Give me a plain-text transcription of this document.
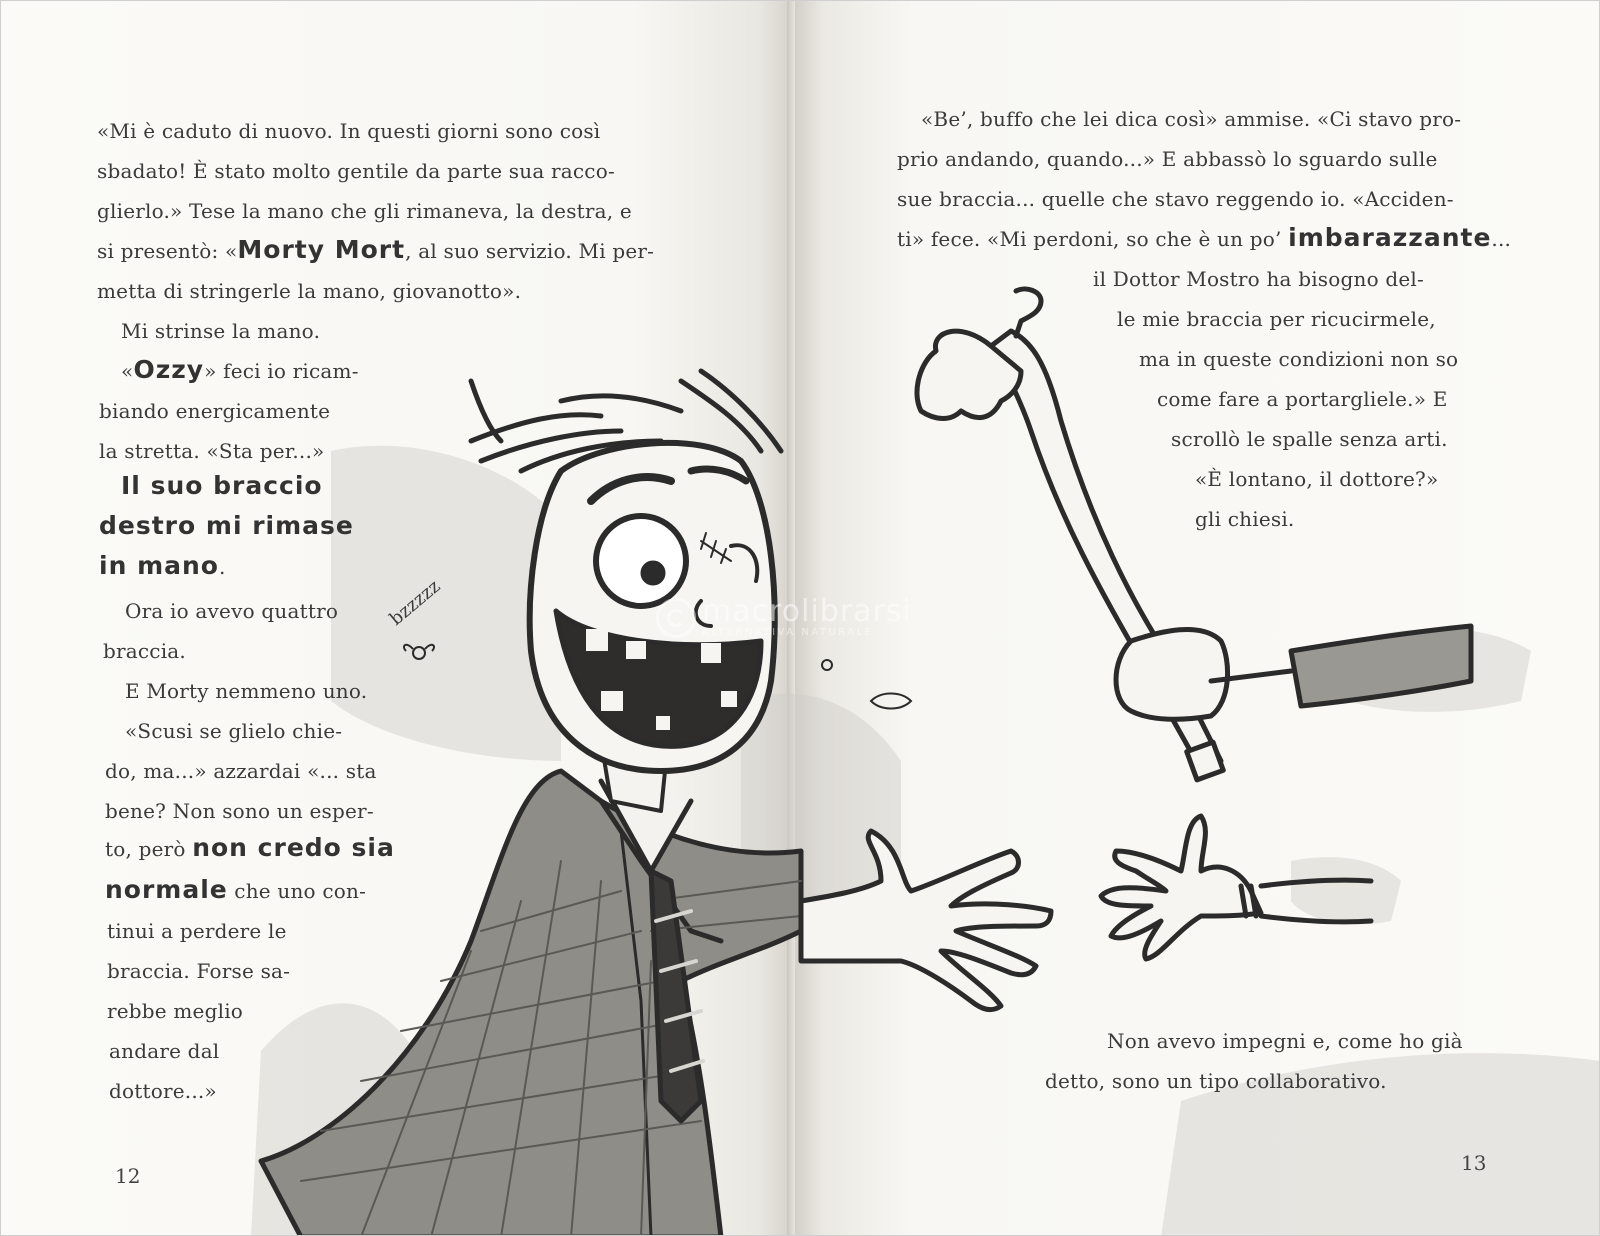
bzzzzz
«Mi è caduto di nuovo. In questi giorni sono così
sbadato! È stato molto gentile da parte sua racco-
glierlo.» Tese la mano che gli rimaneva, la destra, e
si presentò: «Morty Mort, al suo servizio. Mi per-
metta di stringerle la mano, giovanotto».
Mi strinse la mano.
«Ozzy» feci io ricam-
biando energicamente
la stretta. «Sta per...»
Il suo braccio
destro mi rimase
in mano.
Ora io avevo quattro
braccia.
E Morty nemmeno uno.
«Scusi se glielo chie-
do, ma...» azzardai «... sta
bene? Non sono un esper-
to, però non credo sia
normale che uno con-
tinui a perdere le
braccia. Forse sa-
rebbe meglio
andare dal
dottore...»
12
«Be’, buffo che lei dica così» ammise. «Ci stavo pro-
prio andando, quando...» E abbassò lo sguardo sulle
sue braccia... quelle che stavo reggendo io. «Acciden-
ti» fece. «Mi perdoni, so che è un po’ imbarazzante...
il Dottor Mostro ha bisogno del-
le mie braccia per ricucirmele,
ma in queste condizioni non so
come fare a portargliele.» E
scrollò le spalle senza arti.
«È lontano, il dottore?»
gli chiesi.
Non avevo impegni e, come ho già
detto, sono un tipo collaborativo.
13
macrolibrarsi
ALTERNATIVA NATURALE
